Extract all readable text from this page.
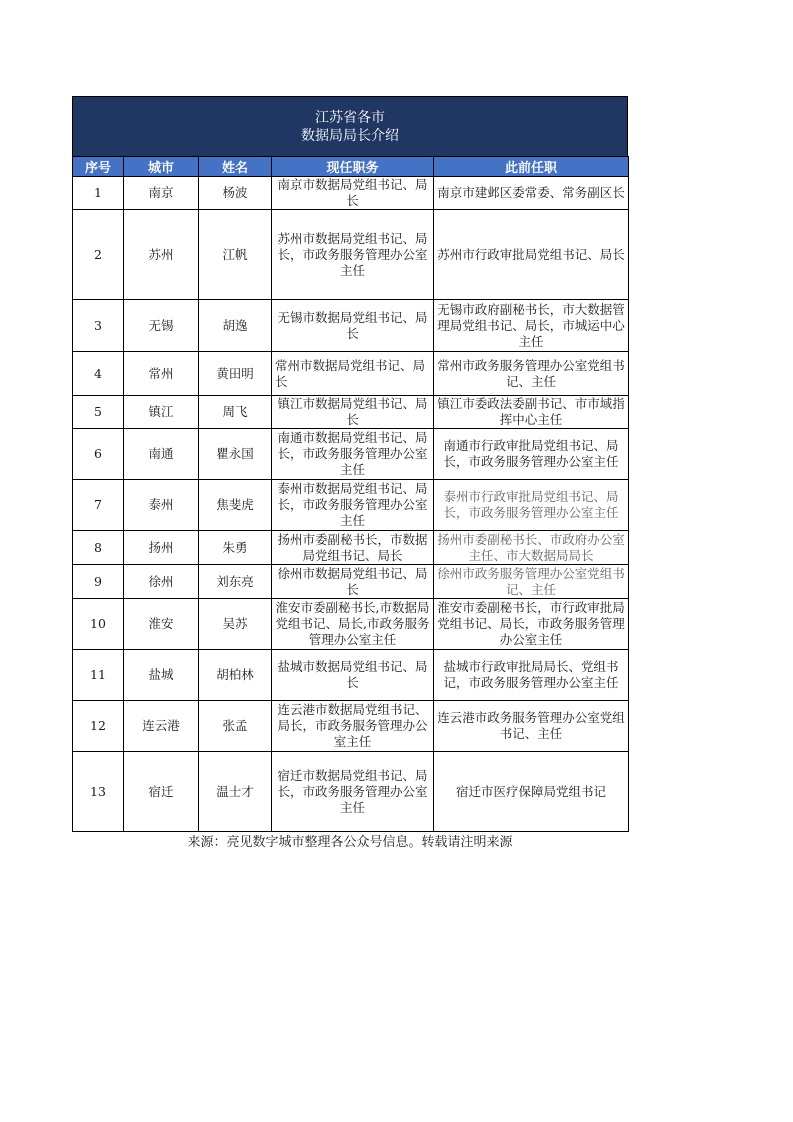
江苏省各市
数据局局长介绍
序号	城市	姓名	现任职务	此前任职
1	南京	杨波	南京市数据局党组书记、局长	南京市建邺区委常委、常务副区长
2	苏州	江帆	苏州市数据局党组书记、局长，市政务服务管理办公室主任	苏州市行政审批局党组书记、局长
3	无锡	胡逸	无锡市数据局党组书记、局长	无锡市政府副秘书长，市大数据管理局党组书记、局长，市城运中心主任
4	常州	黄田明	常州市数据局党组书记、局长	常州市政务服务管理办公室党组书记、主任
5	镇江	周飞	镇江市数据局党组书记、局长	镇江市委政法委副书记、市市域指挥中心主任
6	南通	瞿永国	南通市数据局党组书记、局长，市政务服务管理办公室主任	南通市行政审批局党组书记、局长，市政务服务管理办公室主任
7	泰州	焦斐虎	泰州市数据局党组书记、局长，市政务服务管理办公室主任	泰州市行政审批局党组书记、局长，市政务服务管理办公室主任
8	扬州	朱勇	扬州市委副秘书长，市数据局党组书记、局长	扬州市委副秘书长、市政府办公室主任、市大数据局局长
9	徐州	刘东亮	徐州市数据局党组书记、局长	徐州市政务服务管理办公室党组书记、主任
10	淮安	吴苏	淮安市委副秘书长,市数据局党组书记、局长,市政务服务管理办公室主任	淮安市委副秘书长，市行政审批局党组书记、局长，市政务服务管理办公室主任
11	盐城	胡柏林	盐城市数据局党组书记、局长	盐城市行政审批局局长、党组书记，市政务服务管理办公室主任
12	连云港	张孟	连云港市数据局党组书记、局长，市政务服务管理办公室主任	连云港市政务服务管理办公室党组书记、主任
13	宿迁	温士才	宿迁市数据局党组书记、局长，市政务服务管理办公室主任	宿迁市医疗保障局党组书记
来源：亮见数字城市整理各公众号信息。转载请注明来源
